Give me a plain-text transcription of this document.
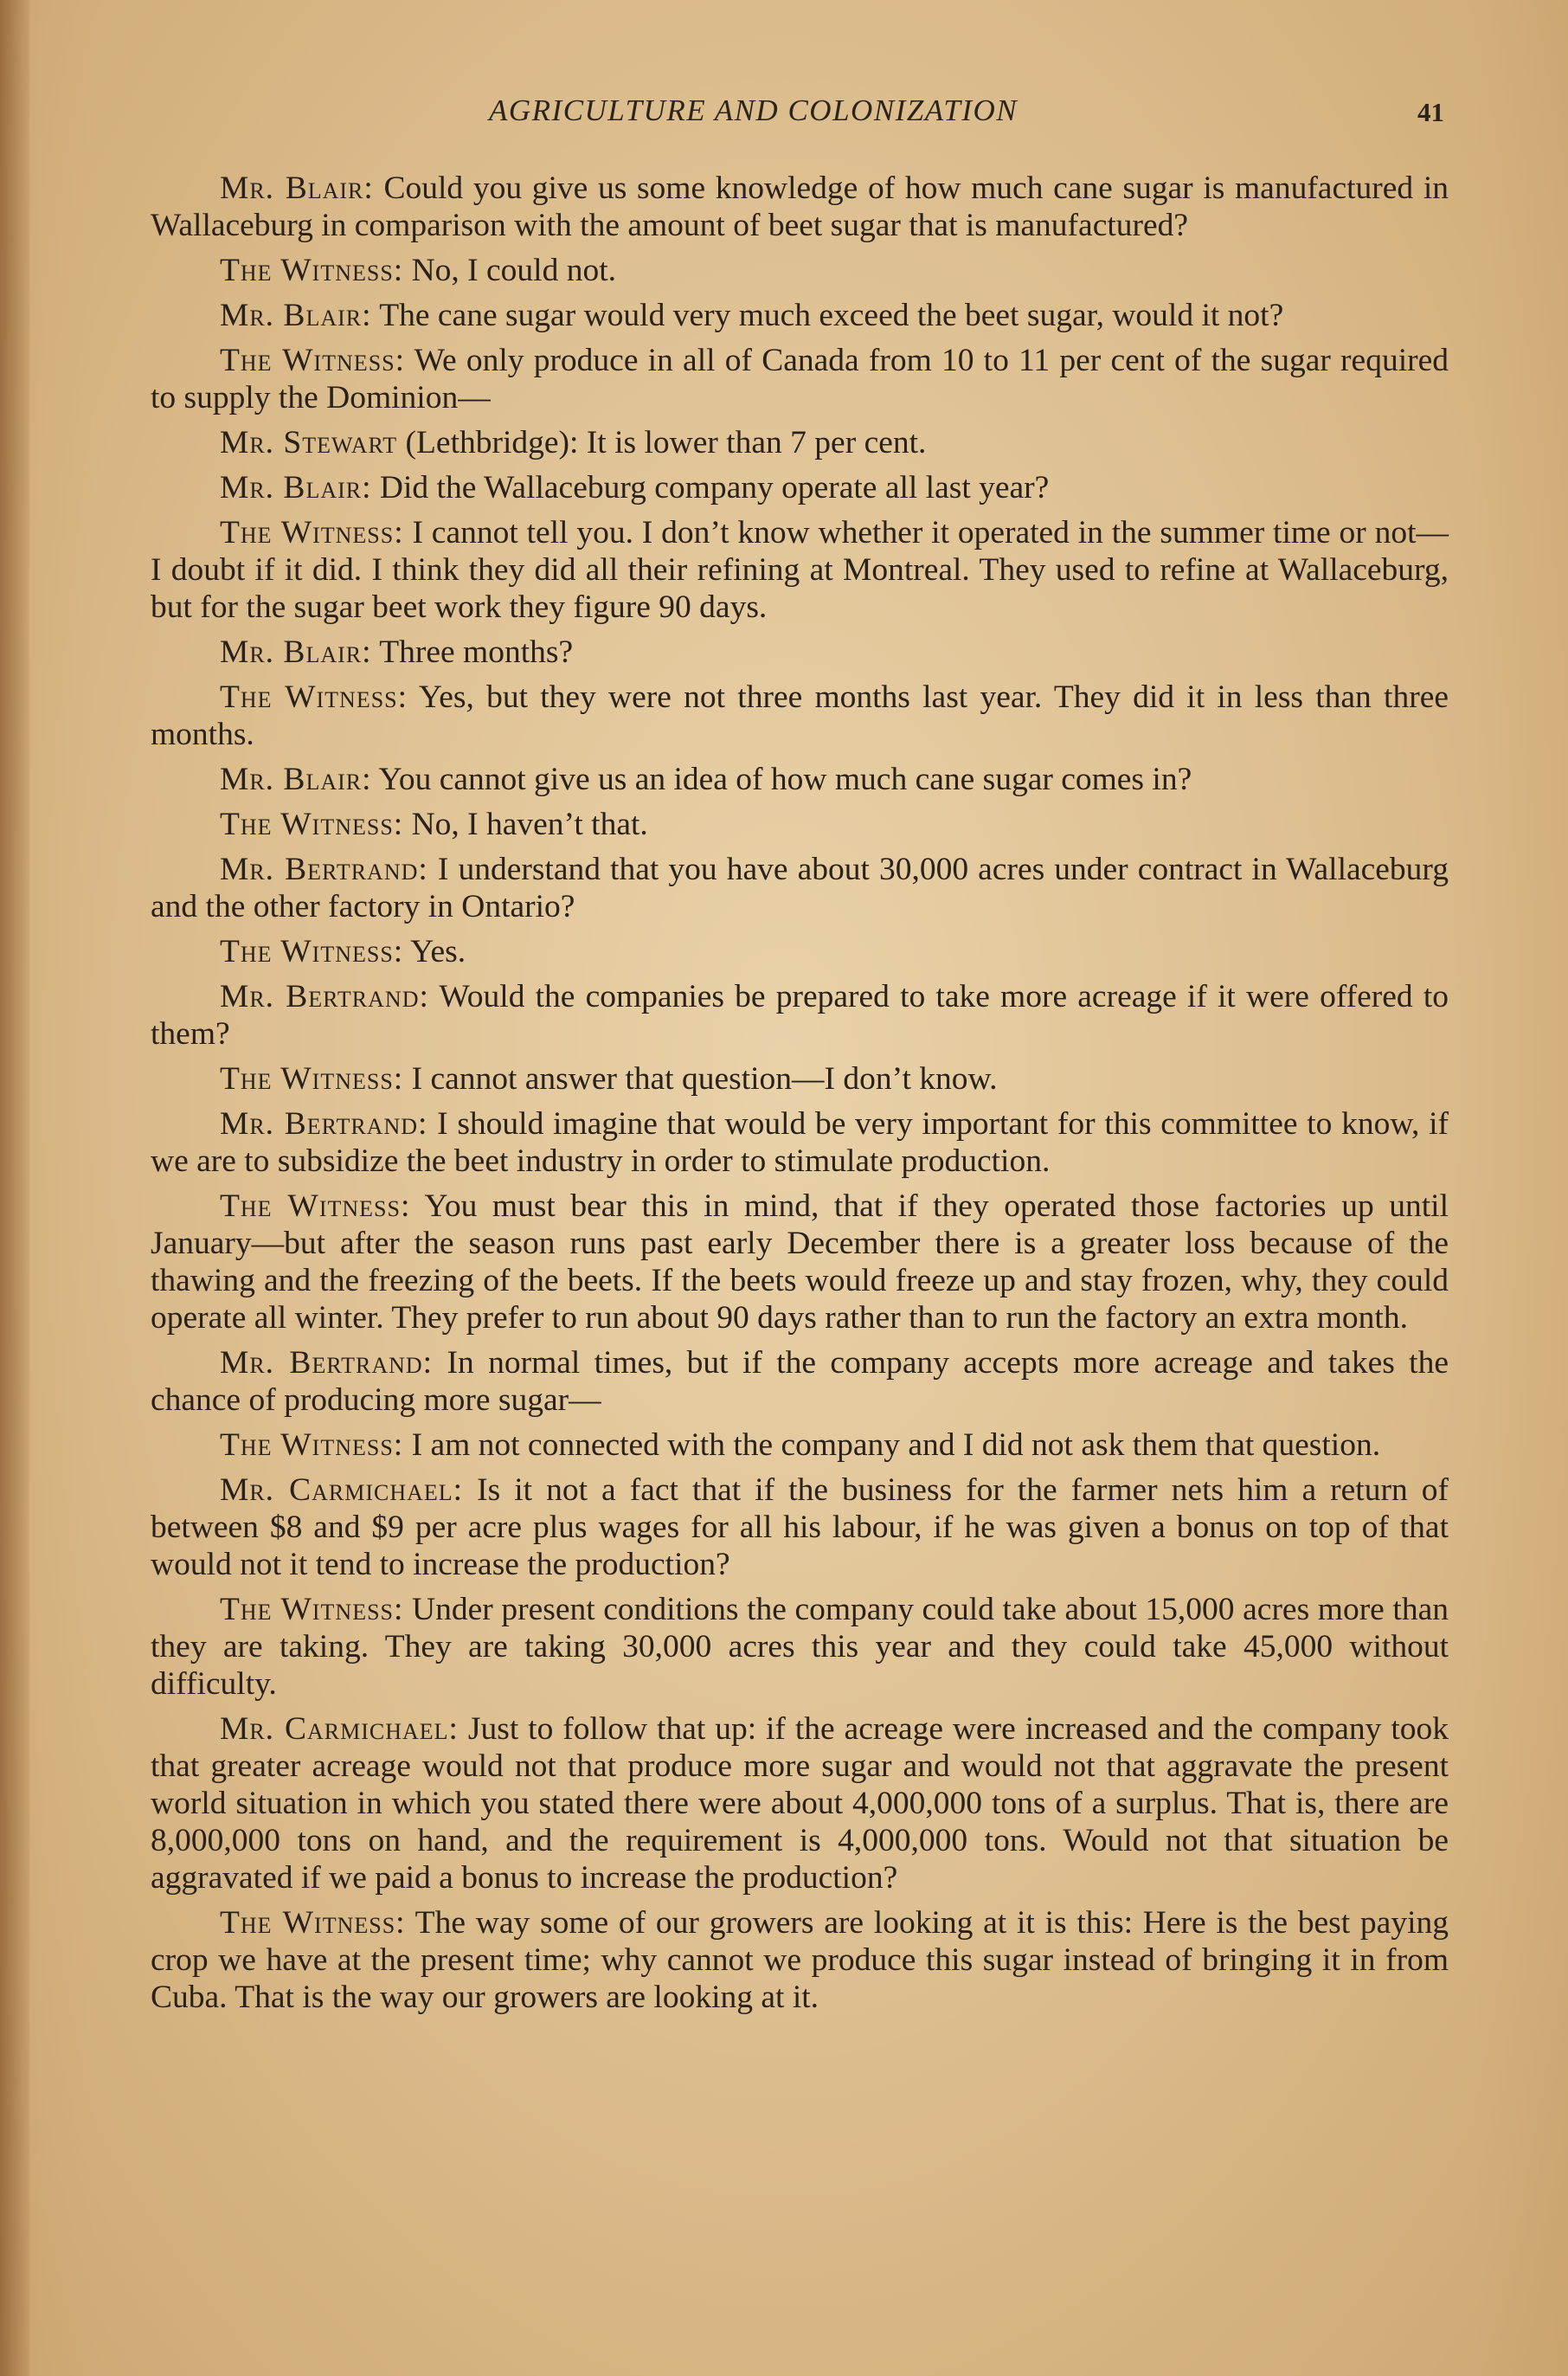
AGRICULTURE AND COLONIZATION	41

Mr. Blair: Could you give us some knowledge of how much cane sugar is manufactured in Wallaceburg in comparison with the amount of beet sugar that is manufactured?

The Witness: No, I could not.

Mr. Blair: The cane sugar would very much exceed the beet sugar, would it not?

The Witness: We only produce in all of Canada from 10 to 11 per cent of the sugar required to supply the Dominion—

Mr. Stewart (Lethbridge): It is lower than 7 per cent.

Mr. Blair: Did the Wallaceburg company operate all last year?

The Witness: I cannot tell you. I don’t know whether it operated in the summer time or not—I doubt if it did. I think they did all their refining at Montreal. They used to refine at Wallaceburg, but for the sugar beet work they figure 90 days.

Mr. Blair: Three months?

The Witness: Yes, but they were not three months last year. They did it in less than three months.

Mr. Blair: You cannot give us an idea of how much cane sugar comes in?

The Witness: No, I haven’t that.

Mr. Bertrand: I understand that you have about 30,000 acres under contract in Wallaceburg and the other factory in Ontario?

The Witness: Yes.

Mr. Bertrand: Would the companies be prepared to take more acreage if it were offered to them?

The Witness: I cannot answer that question—I don’t know.

Mr. Bertrand: I should imagine that would be very important for this committee to know, if we are to subsidize the beet industry in order to stimulate production.

The Witness: You must bear this in mind, that if they operated those factories up until January—but after the season runs past early December there is a greater loss because of the thawing and the freezing of the beets. If the beets would freeze up and stay frozen, why, they could operate all winter. They prefer to run about 90 days rather than to run the factory an extra month.

Mr. Bertrand: In normal times, but if the company accepts more acreage and takes the chance of producing more sugar—

The Witness: I am not connected with the company and I did not ask them that question.

Mr. Carmichael: Is it not a fact that if the business for the farmer nets him a return of between $8 and $9 per acre plus wages for all his labour, if he was given a bonus on top of that would not it tend to increase the production?

The Witness: Under present conditions the company could take about 15,000 acres more than they are taking. They are taking 30,000 acres this year and they could take 45,000 without difficulty.

Mr. Carmichael: Just to follow that up: if the acreage were increased and the company took that greater acreage would not that produce more sugar and would not that aggravate the present world situation in which you stated there were about 4,000,000 tons of a surplus. That is, there are 8,000,000 tons on hand, and the requirement is 4,000,000 tons. Would not that situation be aggravated if we paid a bonus to increase the production?

The Witness: The way some of our growers are looking at it is this: Here is the best paying crop we have at the present time; why cannot we produce this sugar instead of bringing it in from Cuba. That is the way our growers are looking at it.
